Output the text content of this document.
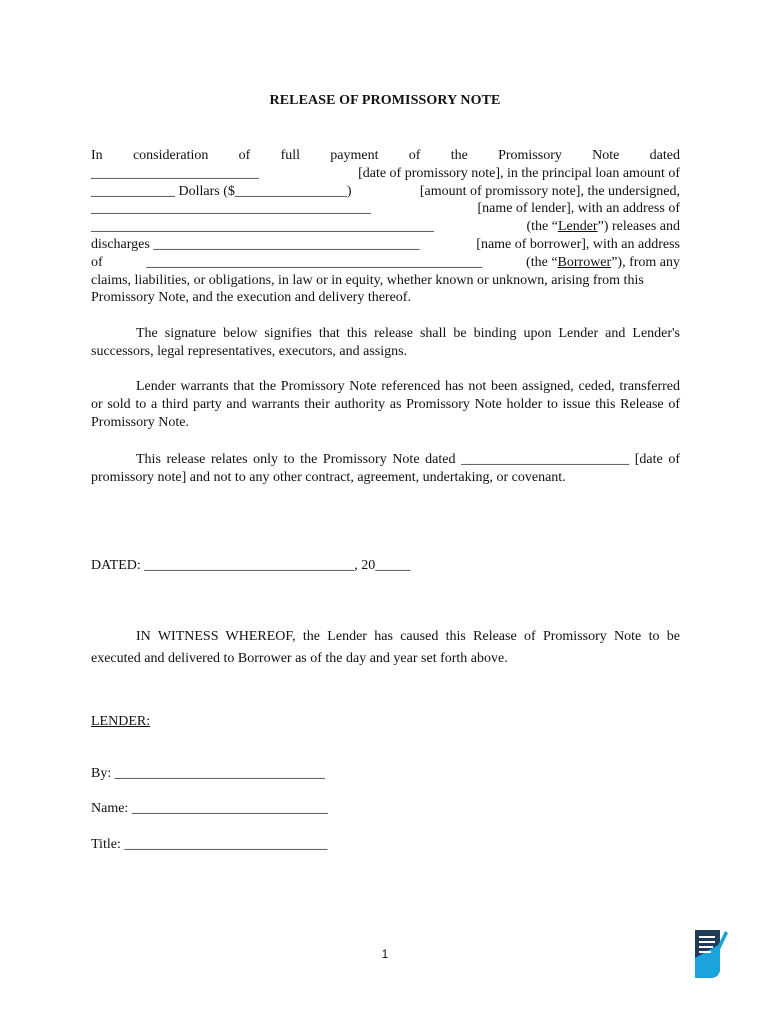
RELEASE OF PROMISSORY NOTE
In consideration of full payment of the Promissory Note dated
________________________	[date of promissory note], in the principal loan amount of
____________ Dollars ($________________)	[amount of promissory note], the undersigned,
________________________________________	[name of lender], with an address of
_________________________________________________	(the “Lender”) releases and
discharges ______________________________________	[name of borrower], with an address
of	________________________________________________	(the “Borrower”), from any
claims, liabilities, or obligations, in law or in equity, whether known or unknown, arising from this
Promissory Note, and the execution and delivery thereof.

The signature below signifies that this release shall be binding upon Lender and Lender's successors, legal representatives, executors, and assigns.

Lender warrants that the Promissory Note referenced has not been assigned, ceded, transferred or sold to a third party and warrants their authority as Promissory Note holder to issue this Release of Promissory Note.

This release relates only to the Promissory Note dated ________________________ [date of promissory note] and not to any other contract, agreement, undertaking, or covenant.

DATED: ______________________________, 20_____

IN WITNESS WHEREOF, the Lender has caused this Release of Promissory Note to be executed and delivered to Borrower as of the day and year set forth above.

LENDER:
By: ______________________________
Name: ____________________________
Title: _____________________________
1
